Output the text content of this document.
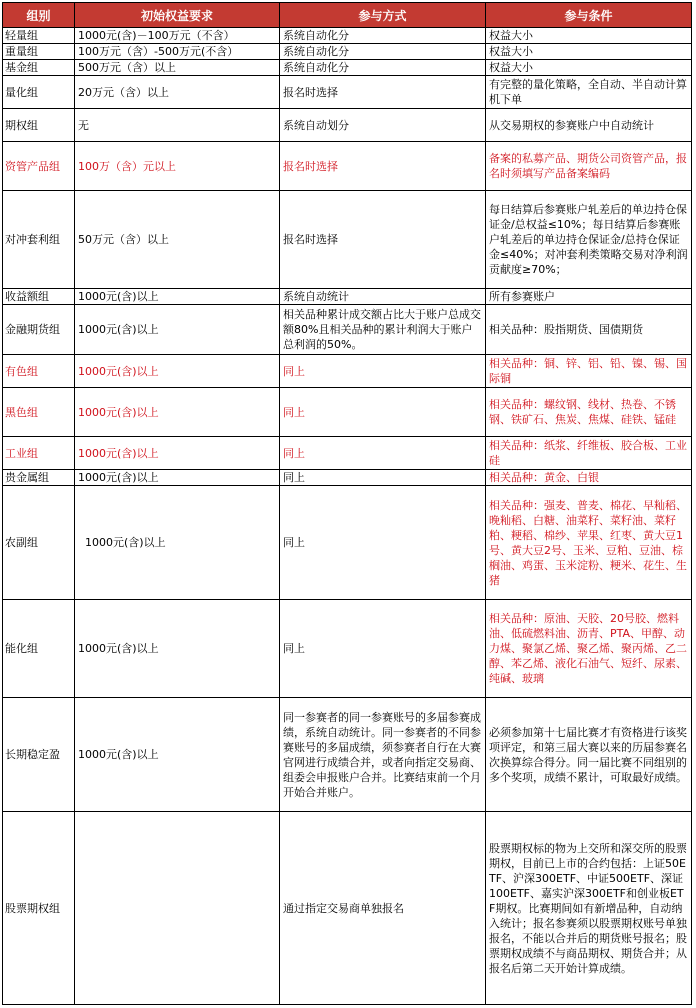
组别	初始权益要求	参与方式	参与条件
轻量组	1000元(含)－100万元（不含）	系统自动化分	权益大小
重量组	100万元（含）-500万元(不含）	系统自动化分	权益大小
基金组	500万元（含）以上	系统自动化分	权益大小
量化组	20万元（含）以上	报名时选择	有完整的量化策略，全自动、半自动计算机下单
期权组	无	系统自动划分	从交易期权的参赛账户中自动统计
资管产品组	100万（含）元以上	报名时选择	备案的私募产品、期货公司资管产品，报名时须填写产品备案编码
对冲套利组	50万元（含）以上	报名时选择	每日结算后参赛账户轧差后的单边持仓保证金/总权益≤10%；每日结算后参赛账户轧差后的单边持仓保证金/总持仓保证金≤40%；对冲套利类策略交易对净利润贡献度≥70%；
收益额组	1000元(含)以上	系统自动统计	所有参赛账户
金融期货组	1000元(含)以上	相关品种累计成交额占比大于账户总成交额80%且相关品种的累计利润大于账户总利润的50%。	相关品种：股指期货、国债期货
有色组	1000元(含)以上	同上	相关品种：铜、锌、铝、铅、镍、锡、国际铜
黑色组	1000元(含)以上	同上	相关品种：螺纹钢、线材、热卷、不锈钢、铁矿石、焦炭、焦煤、硅铁、锰硅
工业组	1000元(含)以上	同上	相关品种：纸浆、纤维板、胶合板、工业硅
贵金属组	1000元(含)以上	同上	相关品种：黄金、白银
农副组	1000元(含)以上	同上	相关品种：强麦、普麦、棉花、早籼稻、晚籼稻、白糖、油菜籽、菜籽油、菜籽粕、粳稻、棉纱、苹果、红枣、黄大豆1号、黄大豆2号、玉米、豆粕、豆油、棕榈油、鸡蛋、玉米淀粉、粳米、花生、生猪
能化组	1000元(含)以上	同上	相关品种：原油、天胶、20号胶、燃料油、低硫燃料油、沥青、PTA、甲醇、动力煤、聚氯乙烯、聚乙烯、聚丙烯、乙二醇、苯乙烯、液化石油气、短纤、尿素、纯碱、玻璃
长期稳定盈	1000元(含)以上	同一参赛者的同一参赛账号的多届参赛成绩，系统自动统计。同一参赛者的不同参赛账号的多届成绩，须参赛者自行在大赛官网进行成绩合并，或者向指定交易商、组委会申报账户合并。比赛结束前一个月开始合并账户。	必须参加第十七届比赛才有资格进行该奖项评定，和第三届大赛以来的历届参赛名次换算综合得分。同一届比赛不同组别的多个奖项，成绩不累计，可取最好成绩。
股票期权组		通过指定交易商单独报名	股票期权标的物为上交所和深交所的股票期权，目前已上市的合约包括：上证50ETF、沪深300ETF、中证500ETF、深证100ETF、嘉实沪深300ETF和创业板ETF期权。比赛期间如有新增品种，自动纳入统计；报名参赛须以股票期权账号单独报名，不能以合并后的期货账号报名；股票期权成绩不与商品期权、期货合并；从报名后第二天开始计算成绩。
